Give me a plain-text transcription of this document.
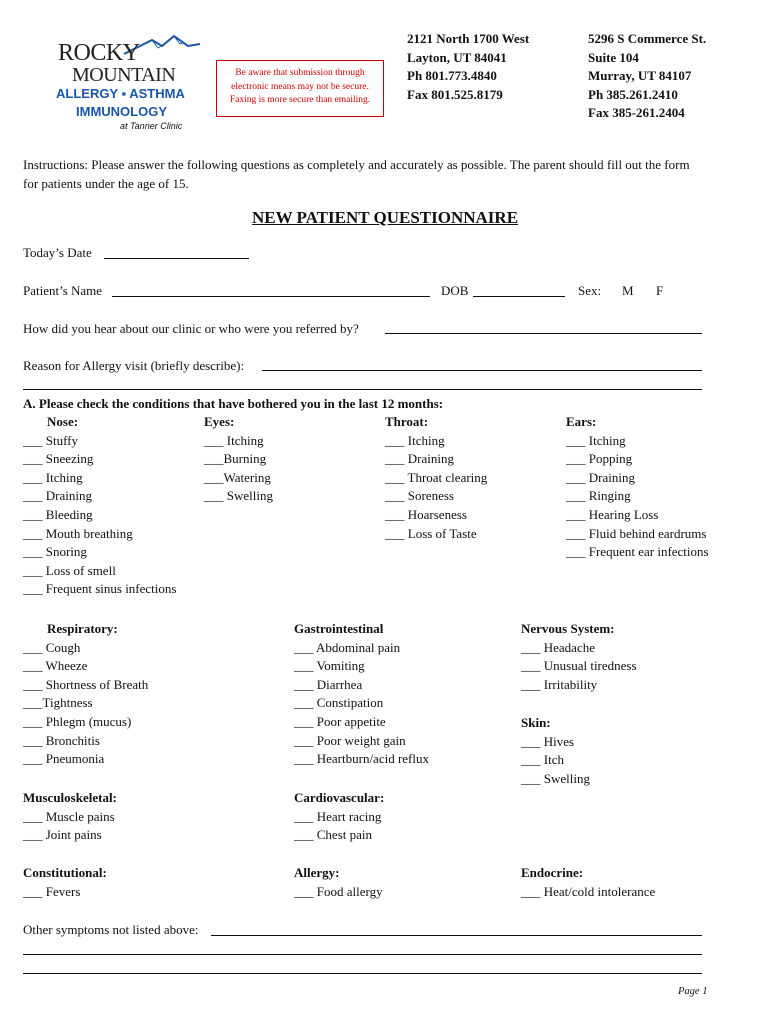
ROCKY
MOUNTAIN
ALLERGY ▪ ASTHMA
IMMUNOLOGY
at Tanner Clinic
Be aware that submission through electronic means may not be secure. Faxing is more secure than emailing.
2121 North 1700 West
Layton, UT 84041
Ph 801.773.4840
Fax 801.525.8179
5296 S Commerce St.
Suite 104
Murray, UT 84107
Ph 385.261.2410
Fax 385-261.2404
Instructions: Please answer the following questions as completely and accurately as possible. The parent should fill out the form
for patients under the age of 15.
NEW PATIENT QUESTIONNAIRE
Today’s Date
Patient’s Name	DOB	Sex: M F
How did you hear about our clinic or who were you referred by?
Reason for Allergy visit (briefly describe):
A. Please check the conditions that have bothered you in the last 12 months:
Nose:
___ Stuffy
___ Sneezing
___ Itching
___ Draining
___ Bleeding
___ Mouth breathing
___ Snoring
___ Loss of smell
___ Frequent sinus infections
Eyes:
___ Itching
___Burning
___Watering
___ Swelling
Throat:
___ Itching
___ Draining
___ Throat clearing
___ Soreness
___ Hoarseness
___ Loss of Taste
Ears:
___ Itching
___ Popping
___ Draining
___ Ringing
___ Hearing Loss
___ Fluid behind eardrums
___ Frequent ear infections
Respiratory:
___ Cough
___ Wheeze
___ Shortness of Breath
___Tightness
___ Phlegm (mucus)
___ Bronchitis
___ Pneumonia
Gastrointestinal
___ Abdominal pain
___ Vomiting
___ Diarrhea
___ Constipation
___ Poor appetite
___ Poor weight gain
___ Heartburn/acid reflux
Nervous System:
___ Headache
___ Unusual tiredness
___ Irritability
Skin:
___ Hives
___ Itch
___ Swelling
Musculoskeletal:
___ Muscle pains
___ Joint pains
Cardiovascular:
___ Heart racing
___ Chest pain
Constitutional:
___ Fevers
Allergy:
___ Food allergy
Endocrine:
___ Heat/cold intolerance
Other symptoms not listed above:
Page 1
